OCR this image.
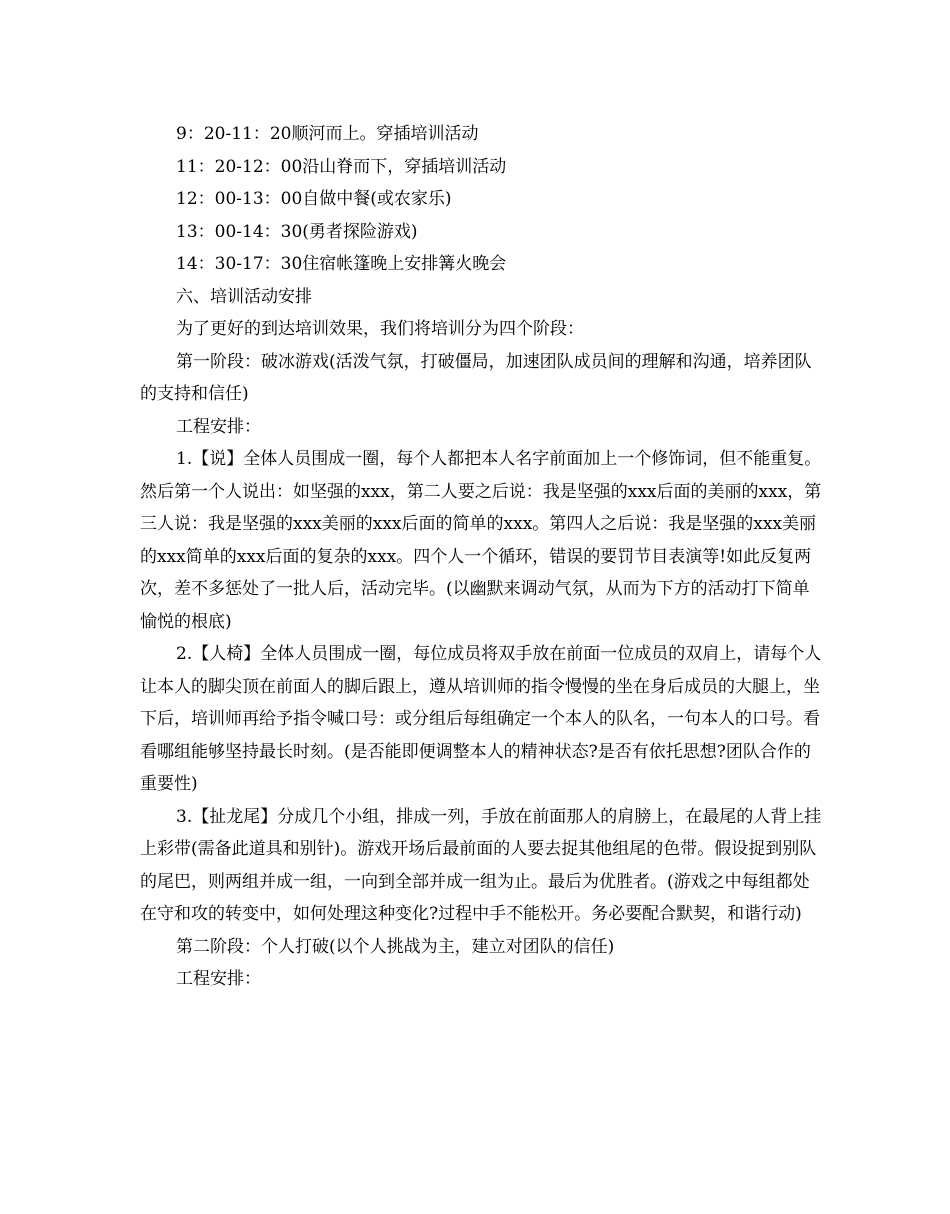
9：20-11：20顺河而上。穿插培训活动

11：20-12：00沿山脊而下，穿插培训活动

12：00-13：00自做中餐(或农家乐)

13：00-14：30(勇者探险游戏)

14：30-17：30住宿帐篷晚上安排篝火晚会

六、培训活动安排

为了更好的到达培训效果，我们将培训分为四个阶段：

第一阶段：破冰游戏(活泼气氛，打破僵局，加速团队成员间的理解和沟通，培养团队的支持和信任)

工程安排：

1.【说】全体人员围成一圈，每个人都把本人名字前面加上一个修饰词，但不能重复。然后第一个人说出：如坚强的xxx，第二人要之后说：我是坚强的xxx后面的美丽的xxx，第三人说：我是坚强的xxx美丽的xxx后面的简单的xxx。第四人之后说：我是坚强的xxx美丽的xxx简单的xxx后面的复杂的xxx。四个人一个循环，错误的要罚节目表演等!如此反复两次，差不多惩处了一批人后，活动完毕。(以幽默来调动气氛，从而为下方的活动打下简单愉悦的根底)

2.【人椅】全体人员围成一圈，每位成员将双手放在前面一位成员的双肩上，请每个人让本人的脚尖顶在前面人的脚后跟上，遵从培训师的指令慢慢的坐在身后成员的大腿上，坐下后，培训师再给予指令喊口号：或分组后每组确定一个本人的队名，一句本人的口号。看看哪组能够坚持最长时刻。(是否能即便调整本人的精神状态?是否有依托思想?团队合作的重要性)

3.【扯龙尾】分成几个小组，排成一列，手放在前面那人的肩膀上，在最尾的人背上挂上彩带(需备此道具和别针)。游戏开场后最前面的人要去捉其他组尾的色带。假设捉到别队的尾巴，则两组并成一组，一向到全部并成一组为止。最后为优胜者。(游戏之中每组都处在守和攻的转变中，如何处理这种变化?过程中手不能松开。务必要配合默契，和谐行动)

第二阶段：个人打破(以个人挑战为主，建立对团队的信任)

工程安排：
